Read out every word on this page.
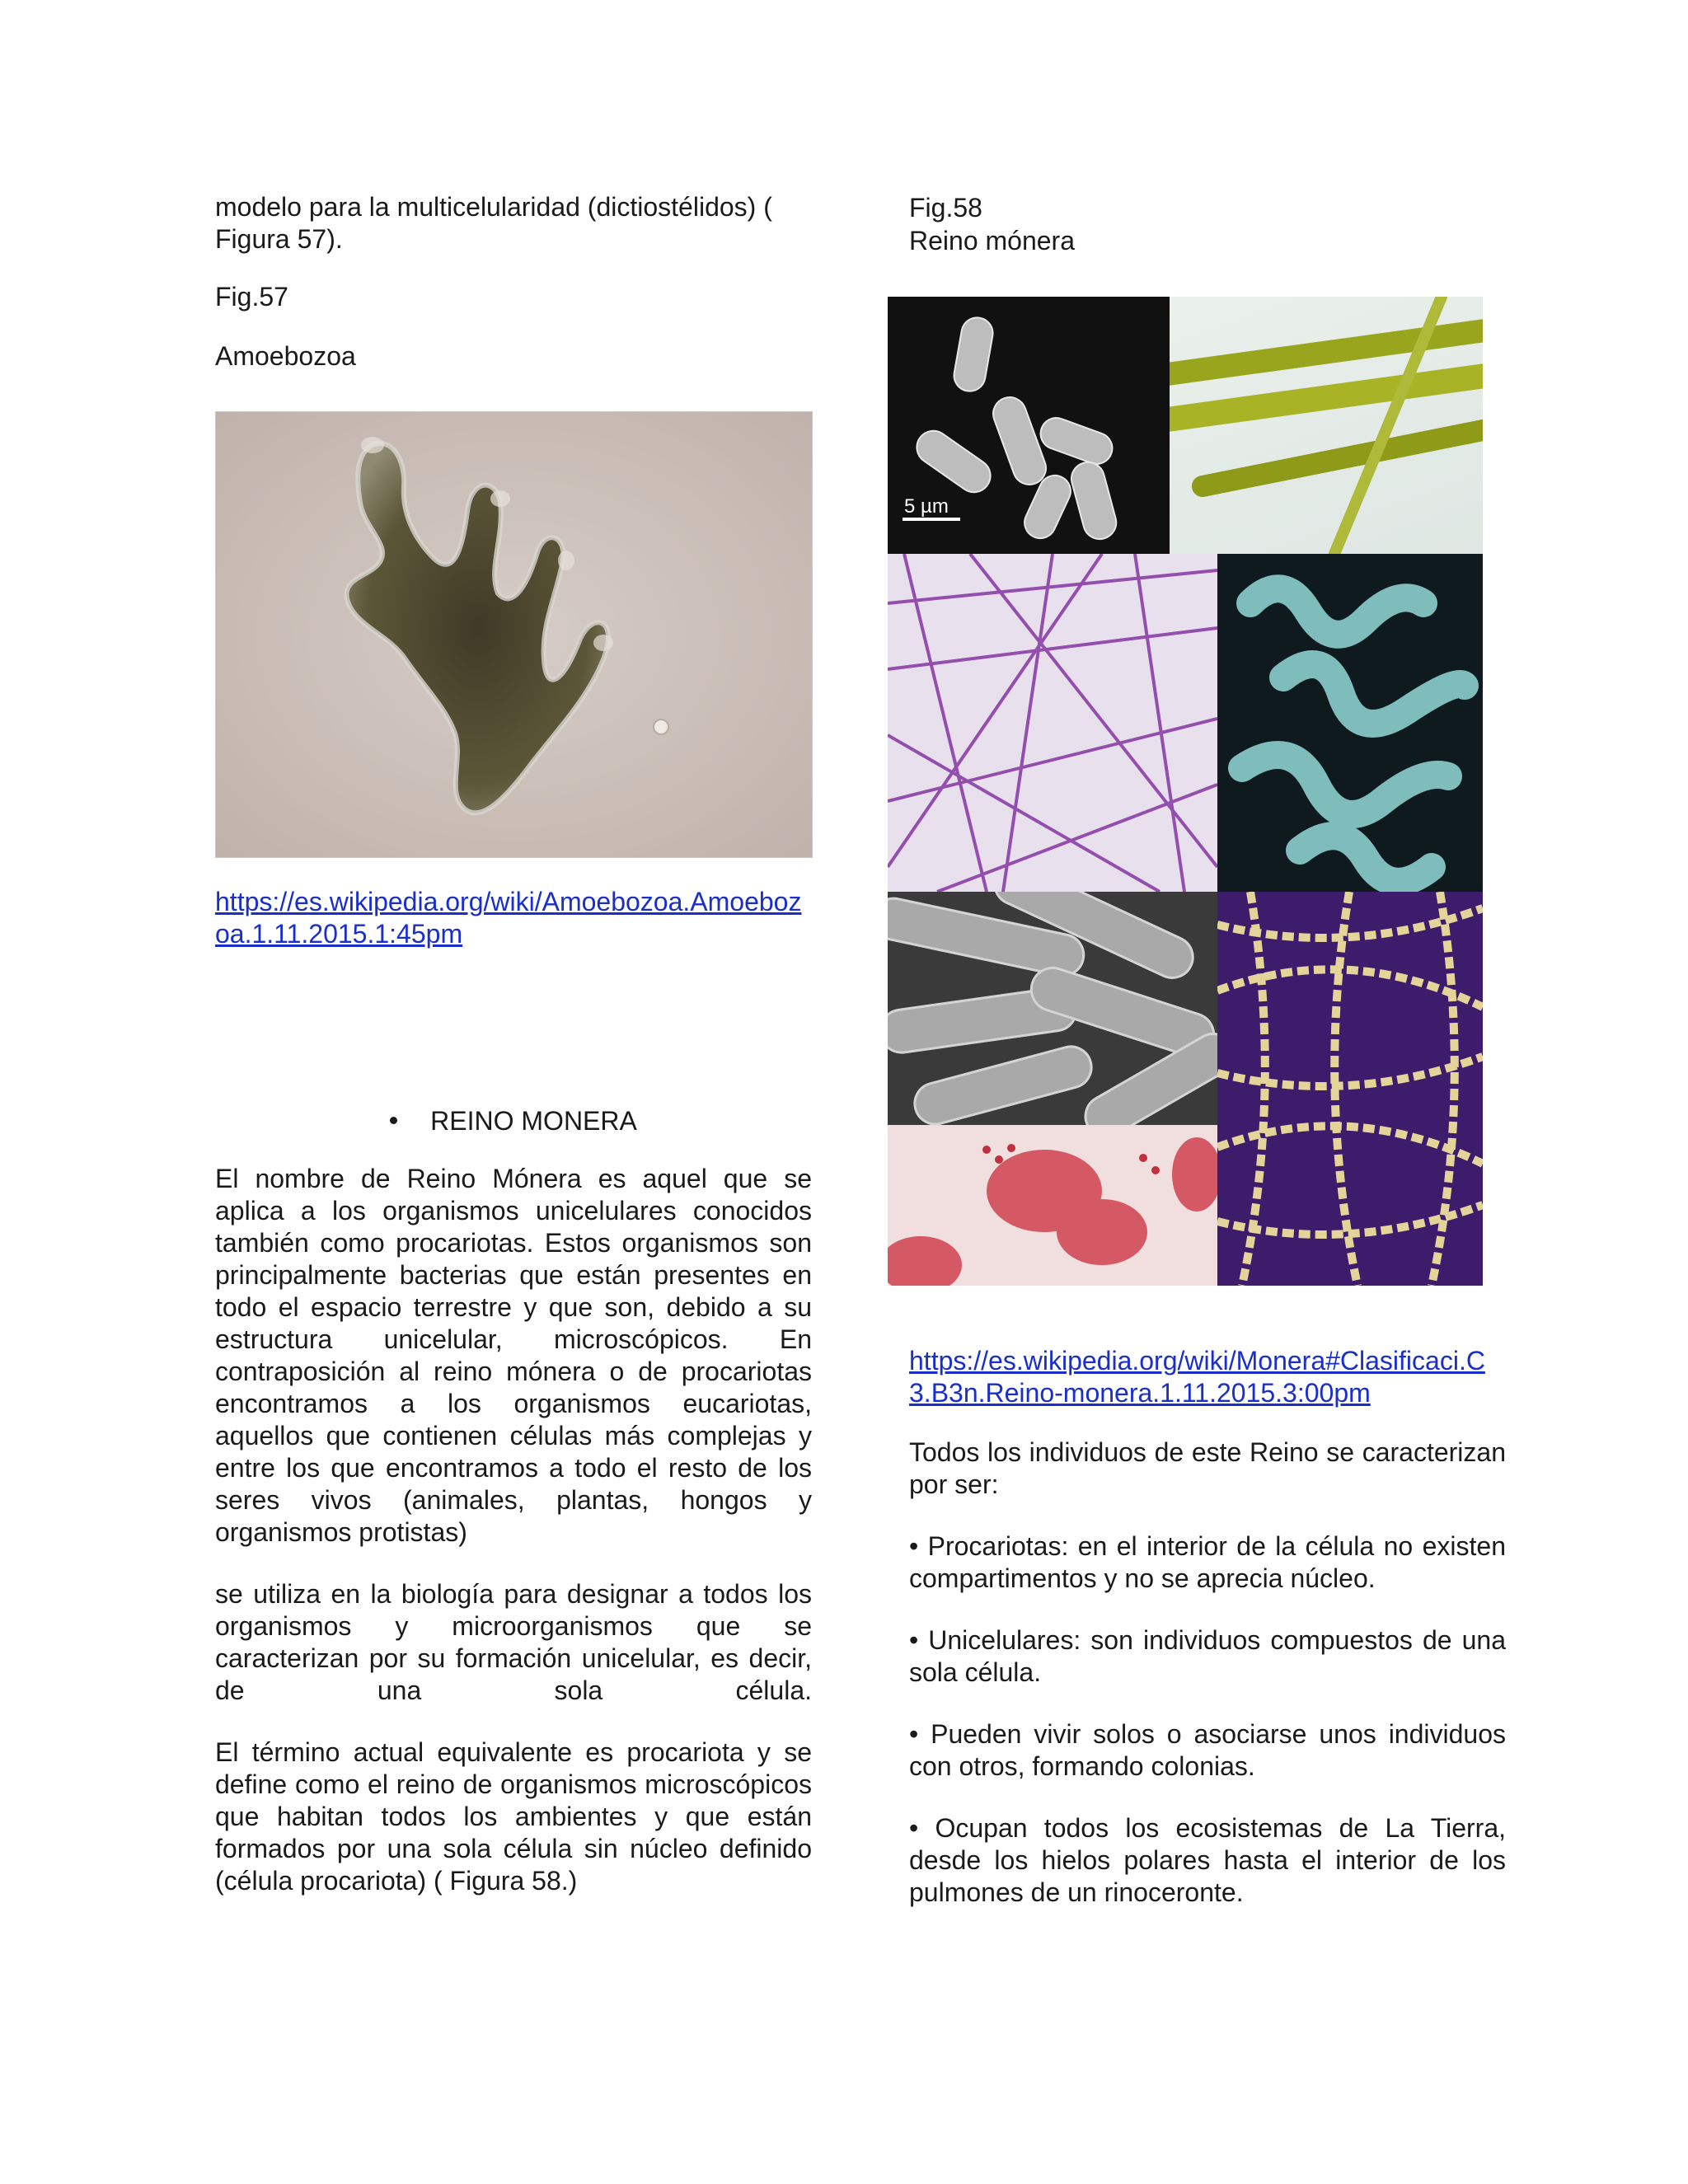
modelo para la multicelularidad (dictiostélidos) ( Figura 57).

Fig.57

Amoebozoa

https://es.wikipedia.org/wiki/Amoebozoa.Amoebozoa.1.11.2015.1:45pm
REINO MONERA

El nombre de Reino Mónera es aquel que se aplica a los organismos unicelulares conocidos también como procariotas. Estos organismos son principalmente bacterias que están presentes en todo el espacio terrestre y que son, debido a su estructura unicelular, microscópicos. En contraposición al reino mónera o de procariotas encontramos a los organismos eucariotas, aquellos que contienen células más complejas y entre los que encontramos a todo el resto de los seres vivos (animales, plantas, hongos y organismos protistas)

se utiliza en la biología para designar a todos los organismos y microorganismos que se caracterizan por su formación unicelular, es decir, de una sola célula.

El término actual equivalente es procariota y se define como el reino de organismos microscópicos que habitan todos los ambientes y que están formados por una sola célula sin núcleo definido (célula procariota) ( Figura 58.)

Fig.58

Reino mónera

5 µm
https://es.wikipedia.org/wiki/Monera#Clasificaci.C3.B3n.Reino-monera.1.11.2015.3:00pm

Todos los individuos de este Reino se caracterizan por ser:

• Procariotas: en el interior de la célula no existen compartimentos y no se aprecia núcleo.

• Unicelulares: son individuos compuestos de una sola célula.

• Pueden vivir solos o asociarse unos individuos con otros, formando colonias.

• Ocupan todos los ecosistemas de La Tierra, desde los hielos polares hasta el interior de los pulmones de un rinoceronte.
